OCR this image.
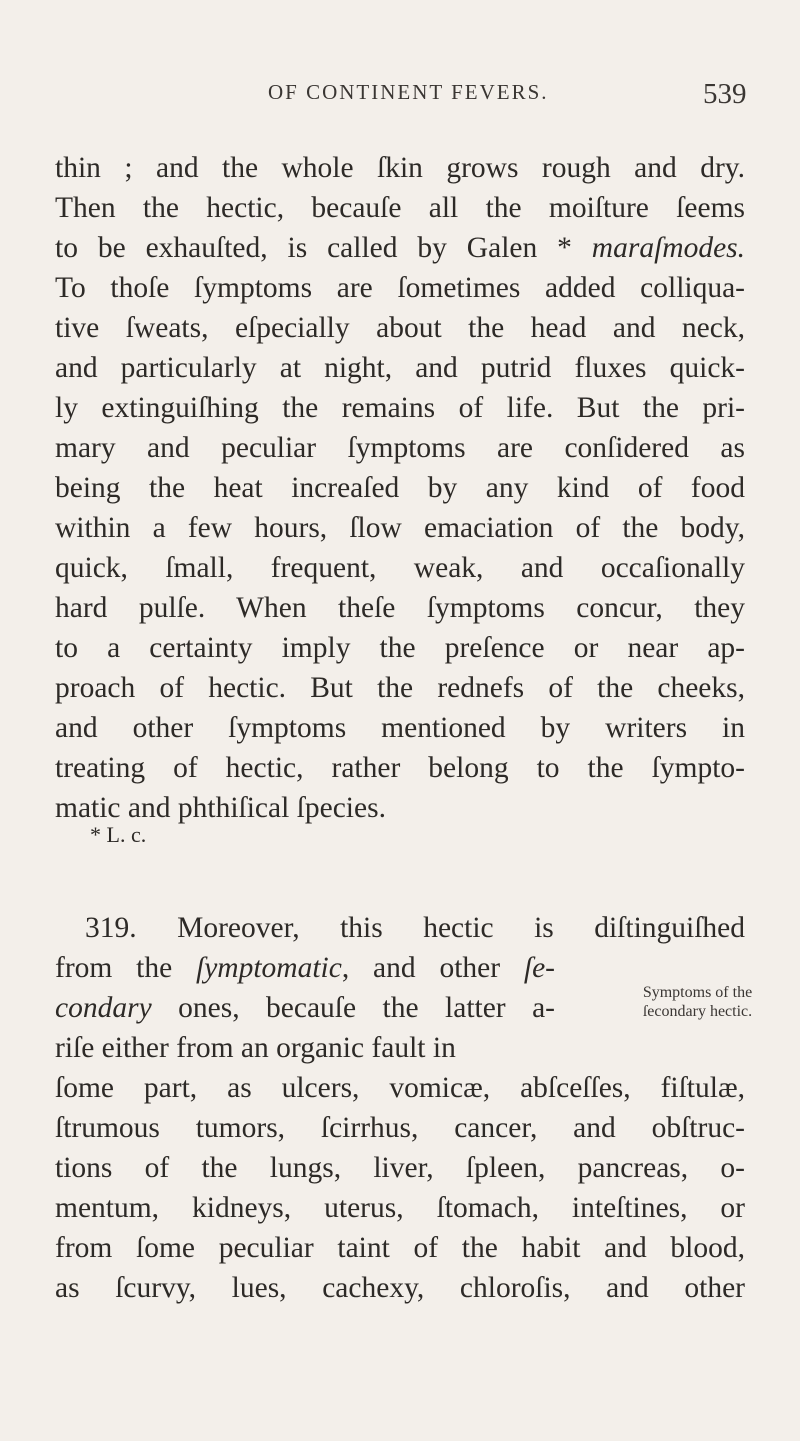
OF CONTINENT FEVERS.	539
thin ; and the whole ſkin grows rough and dry.
Then the hectic, becauſe all the moiſture ſeems
to be exhauſted, is called by Galen * maraſmodes.
To thoſe ſymptoms are ſometimes added colliqua-
tive ſweats, eſpecially about the head and neck,
and particularly at night, and putrid fluxes quick-
ly extinguiſhing the remains of life. But the pri-
mary and peculiar ſymptoms are conſidered as
being the heat increaſed by any kind of food
within a few hours, ſlow emaciation of the body,
quick, ſmall, frequent, weak, and occaſionally
hard pulſe. When theſe ſymptoms concur, they
to a certainty imply the preſence or near ap-
proach of hectic. But the rednefs of the cheeks,
and other ſymptoms mentioned by writers in
treating of hectic, rather belong to the ſympto-
matic and phthiſical ſpecies.
* L. c.
319. Moreover, this hectic is diſtinguiſhed
from the ſymptomatic, and other ſe-
condary ones, becauſe the latter a-
riſe either from an organic fault in
ſome part, as ulcers, vomicæ, abſceſſes, fiſtulæ,
ſtrumous tumors, ſcirrhus, cancer, and obſtruc-
tions of the lungs, liver, ſpleen, pancreas, o-
mentum, kidneys, uterus, ſtomach, inteſtines, or
from ſome peculiar taint of the habit and blood,
as ſcurvy, lues, cachexy, chloroſis, and other
Symptoms of the
ſecondary hectic.
